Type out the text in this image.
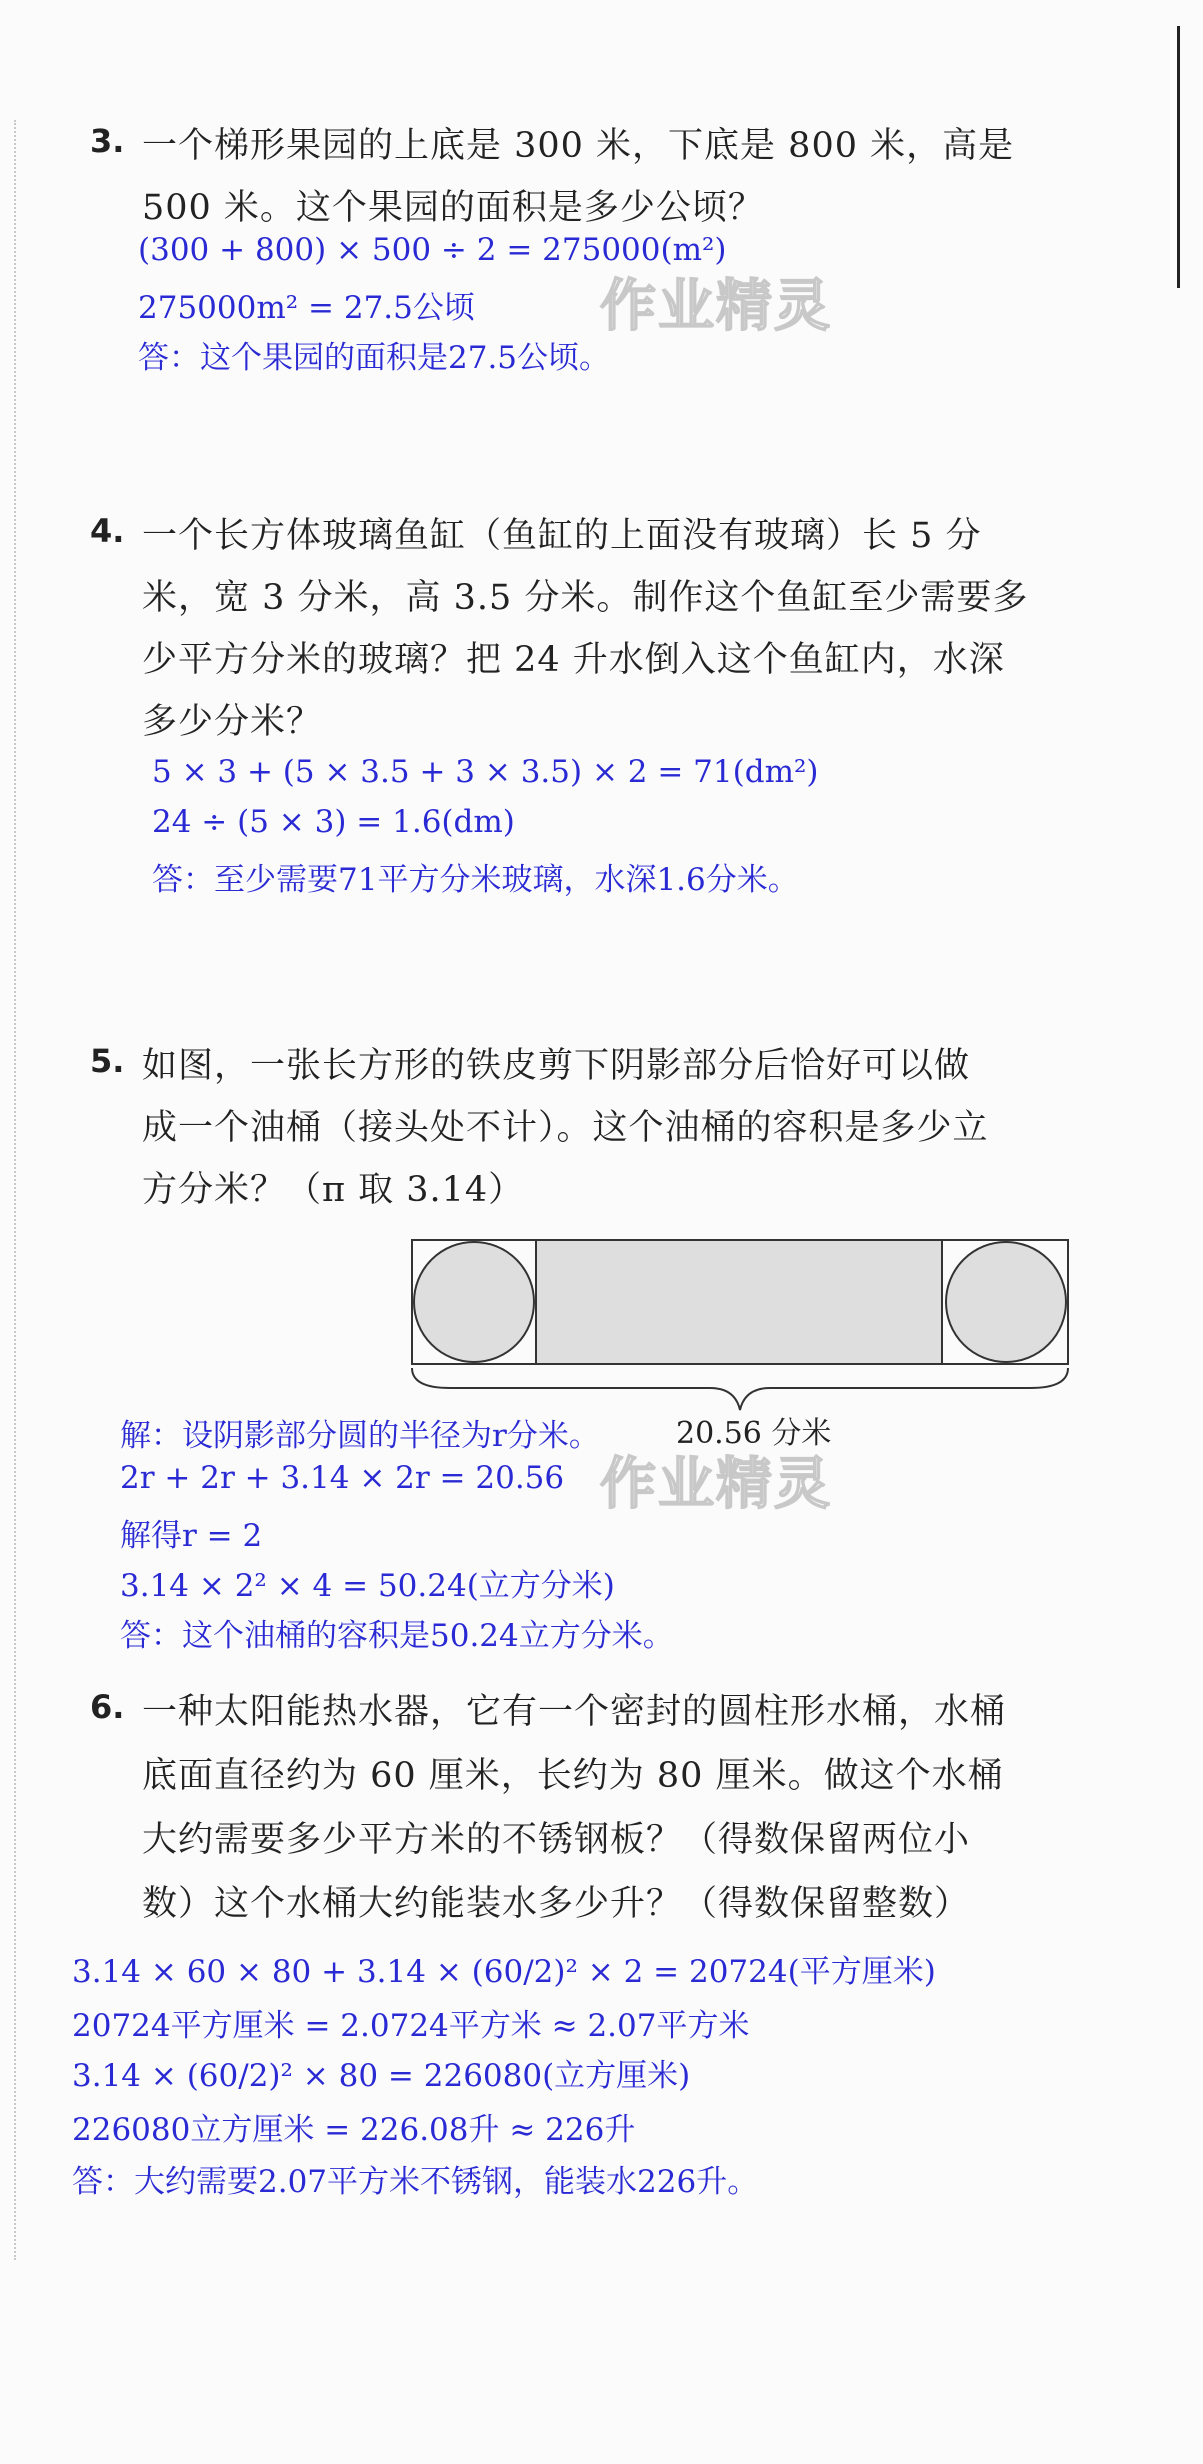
3. 一个梯形果园的上底是 300 米，下底是 800 米，高是
500 米。这个果园的面积是多少公顷？
(300 + 800) × 500 ÷ 2 = 275000(m²)
275000m² = 27.5公顷
答：这个果园的面积是27.5公顷。
作业精灵
4. 一个长方体玻璃鱼缸（鱼缸的上面没有玻璃）长 5 分
米，宽 3 分米，高 3.5 分米。制作这个鱼缸至少需要多
少平方分米的玻璃？把 24 升水倒入这个鱼缸内，水深
多少分米？
5 × 3 + (5 × 3.5 + 3 × 3.5) × 2 = 71(dm²)
24 ÷ (5 × 3) = 1.6(dm)
答：至少需要71平方分米玻璃，水深1.6分米。
5. 如图，一张长方形的铁皮剪下阴影部分后恰好可以做
成一个油桶（接头处不计）。这个油桶的容积是多少立
方分米？（π 取 3.14）
20.56 分米
解：设阴影部分圆的半径为r分米。
2r + 2r + 3.14 × 2r = 20.56
解得r = 2
3.14 × 2² × 4 = 50.24(立方分米)
答：这个油桶的容积是50.24立方分米。
作业精灵
6. 一种太阳能热水器，它有一个密封的圆柱形水桶，水桶
底面直径约为 60 厘米，长约为 80 厘米。做这个水桶
大约需要多少平方米的不锈钢板？（得数保留两位小
数）这个水桶大约能装水多少升？（得数保留整数）
3.14 × 60 × 80 + 3.14 × (60/2)² × 2 = 20724(平方厘米)
20724平方厘米 = 2.0724平方米 ≈ 2.07平方米
3.14 × (60/2)² × 80 = 226080(立方厘米)
226080立方厘米 = 226.08升 ≈ 226升
答：大约需要2.07平方米不锈钢，能装水226升。
